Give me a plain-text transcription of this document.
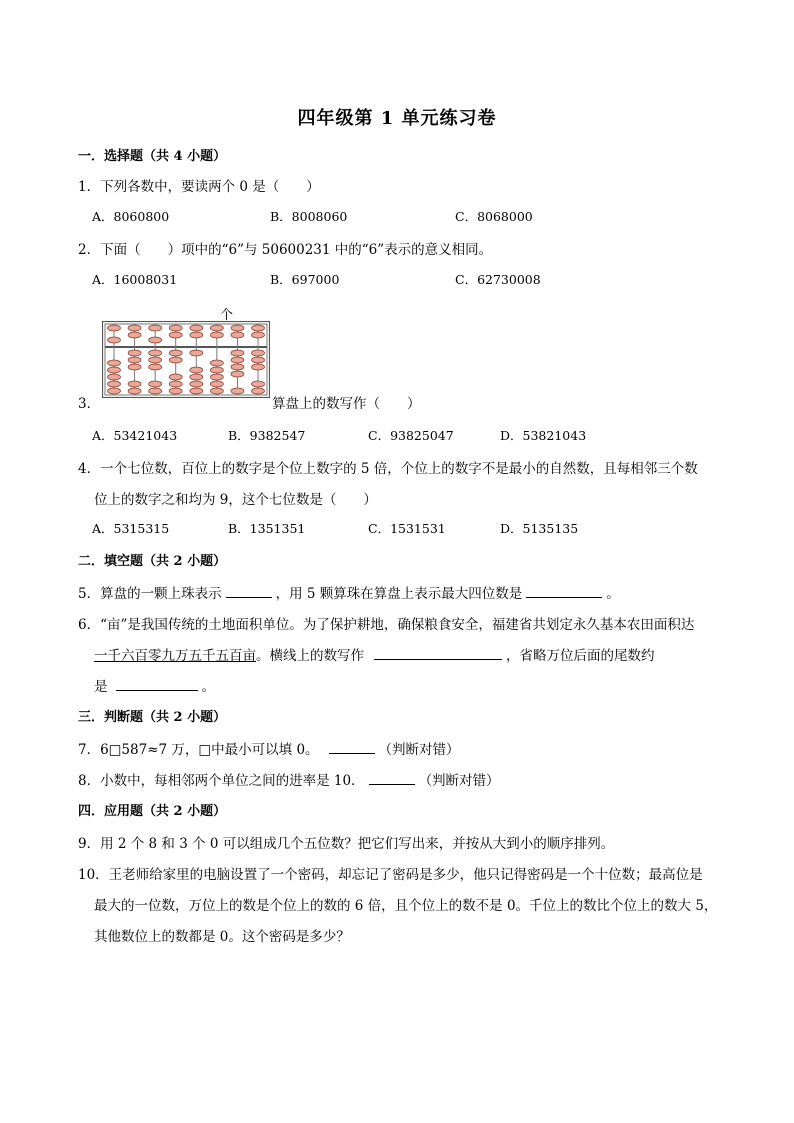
四年级第 1 单元练习卷
一．选择题（共 4 小题）
1．下列各数中，要读两个 0 是（　　）
A．8060800	B．8008060	C．8068000
2．下面（　　）项中的“6”与 50600231 中的“6”表示的意义相同。
A．16008031	B．697000	C．62730008
个
3．	算盘上的数写作（　　）
A．53421043	B．9382547	C．93825047	D．53821043
4．一个七位数，百位上的数字是个位上数字的 5 倍，个位上的数字不是最小的自然数，且每相邻三个数
位上的数字之和均为 9，这个七位数是（　　）
A．5315315	B．1351351	C．1531531	D．5135135
二．填空题（共 2 小题）
5．算盘的一颗上珠表示	，用 5 颗算珠在算盘上表示最大四位数是	。
6．“亩”是我国传统的土地面积单位。为了保护耕地，确保粮食安全，福建省共划定永久基本农田面积达
一千六百零九万五千五百亩。横线上的数写作	，省略万位后面的尾数约
是	。
三．判断题（共 2 小题）
7．6□587≈7 万，□中最小可以填 0。	（判断对错）
8．小数中，每相邻两个单位之间的进率是 10．	（判断对错）
四．应用题（共 2 小题）
9．用 2 个 8 和 3 个 0 可以组成几个五位数？把它们写出来，并按从大到小的顺序排列。
10．王老师给家里的电脑设置了一个密码，却忘记了密码是多少，他只记得密码是一个十位数；最高位是
最大的一位数，万位上的数是个位上的数的 6 倍，且个位上的数不是 0。千位上的数比个位上的数大 5，
其他数位上的数都是 0。这个密码是多少？
